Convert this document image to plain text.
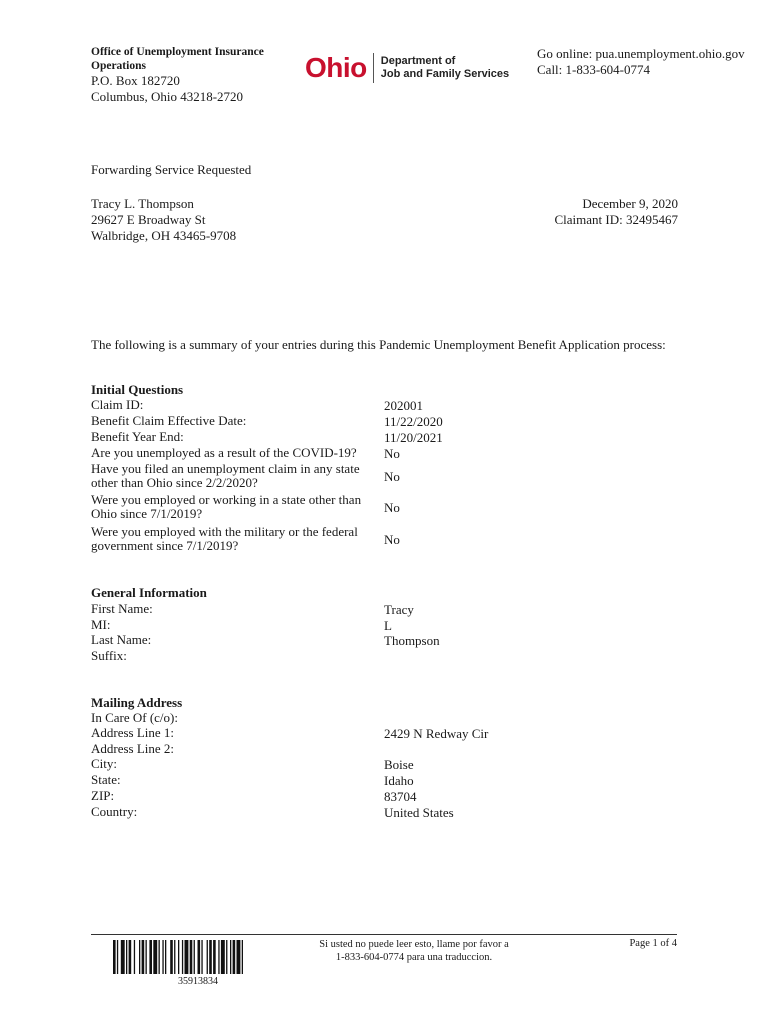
Office of Unemployment Insurance
Operations
P.O. Box 182720
Columbus, Ohio 43218-2720
Ohio Department of
Job and Family Services
Go online: pua.unemployment.ohio.gov
Call: 1-833-604-0774
Forwarding Service Requested
Tracy L. Thompson
29627 E Broadway St
Walbridge, OH 43465-9708
December 9, 2020
Claimant ID: 32495467
The following is a summary of your entries during this Pandemic Unemployment Benefit Application process:
Initial Questions
Claim ID:	202001
Benefit Claim Effective Date:	11/22/2020
Benefit Year End:	11/20/2021
Are you unemployed as a result of the COVID-19?	No
Have you filed an unemployment claim in any state other than Ohio since 2/2/2020?	No
Were you employed or working in a state other than Ohio since 7/1/2019?	No
Were you employed with the military or the federal government since 7/1/2019?	No
General Information
First Name:	Tracy
MI:	L
Last Name:	Thompson
Suffix:
Mailing Address
In Care Of (c/o):
Address Line 1:	2429 N Redway Cir
Address Line 2:
City:	Boise
State:	Idaho
ZIP:	83704
Country:	United States
35913834
Si usted no puede leer esto, llame por favor a
1-833-604-0774 para una traduccion.
Page 1 of 4
